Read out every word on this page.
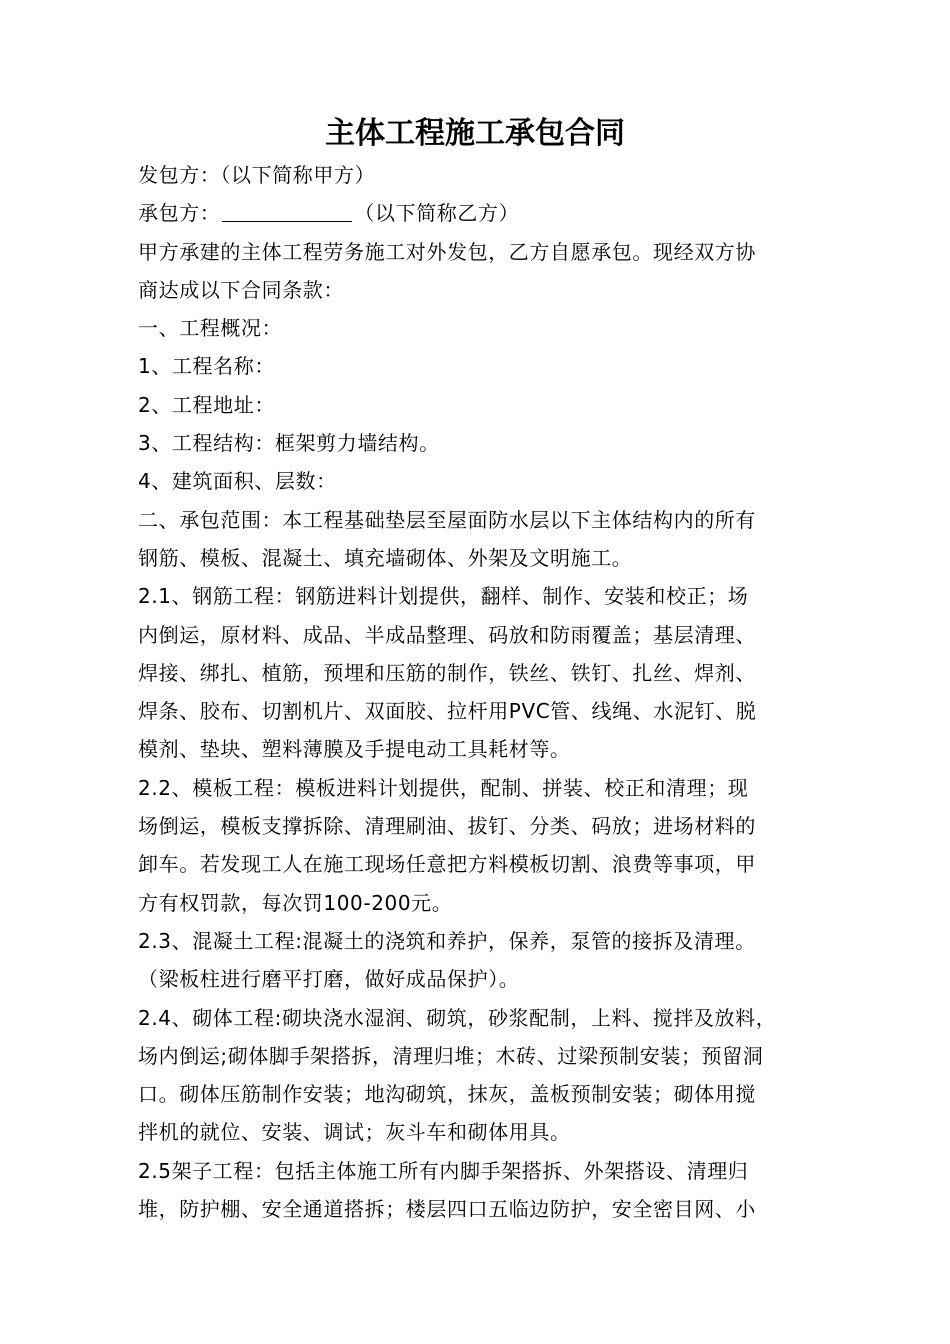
主体工程施工承包合同
发包方：（以下简称甲方）
承包方：	（以下简称乙方）
甲方承建的主体工程劳务施工对外发包，乙方自愿承包。现经双方协
商达成以下合同条款：
一、工程概况：
1、工程名称：
2、工程地址：
3、工程结构：框架剪力墙结构。
4、建筑面积、层数：
二、承包范围：本工程基础垫层至屋面防水层以下主体结构内的所有
钢筋、模板、混凝土、填充墙砌体、外架及文明施工。
2.1、钢筋工程：钢筋进料计划提供，翻样、制作、安装和校正；场
内倒运，原材料、成品、半成品整理、码放和防雨覆盖；基层清理、
焊接、绑扎、植筋，预埋和压筋的制作，铁丝、铁钉、扎丝、焊剂、
焊条、胶布、切割机片、双面胶、拉杆用PVC管、线绳、水泥钉、脱
模剂、垫块、塑料薄膜及手提电动工具耗材等。
2.2、模板工程：模板进料计划提供，配制、拼装、校正和清理；现
场倒运，模板支撑拆除、清理刷油、拔钉、分类、码放；进场材料的
卸车。若发现工人在施工现场任意把方料模板切割、浪费等事项，甲
方有权罚款，每次罚100-200元。
2.3、混凝土工程:混凝土的浇筑和养护，保养，泵管的接拆及清理。
（梁板柱进行磨平打磨，做好成品保护）。
2.4、砌体工程:砌块浇水湿润、砌筑，砂浆配制，上料、搅拌及放料，
场内倒运;砌体脚手架搭拆，清理归堆；木砖、过梁预制安装；预留洞
口。砌体压筋制作安装；地沟砌筑，抹灰，盖板预制安装；砌体用搅
拌机的就位、安装、调试；灰斗车和砌体用具。
2.5架子工程：包括主体施工所有内脚手架搭拆、外架搭设、清理归
堆，防护棚、安全通道搭拆；楼层四口五临边防护，安全密目网、小
